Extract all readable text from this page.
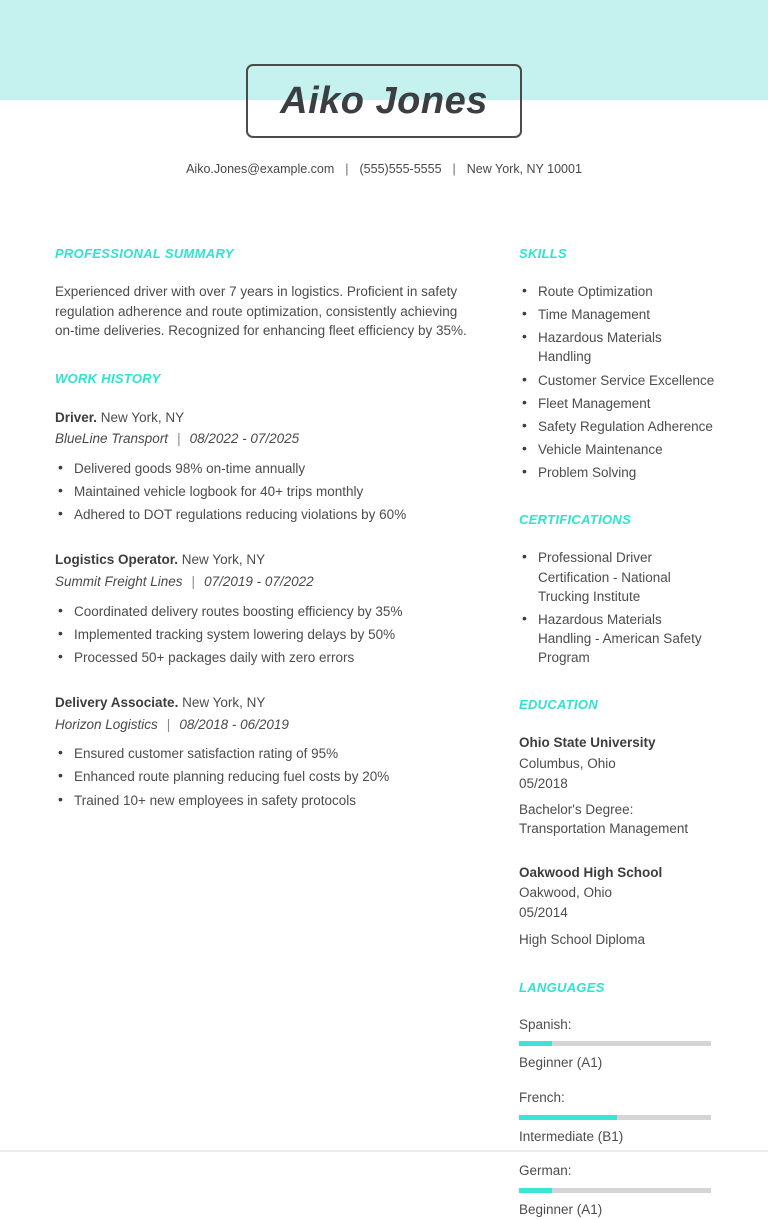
Aiko Jones
Aiko.Jones@example.com | (555)555-5555 | New York, NY 10001
PROFESSIONAL SUMMARY

Experienced driver with over 7 years in logistics. Proficient in safety regulation adherence and route optimization, consistently achieving on-time deliveries. Recognized for enhancing fleet efficiency by 35%.

WORK HISTORY
Driver. New York, NY
BlueLine Transport | 08/2022 - 07/2025
• Delivered goods 98% on-time annually
• Maintained vehicle logbook for 40+ trips monthly
• Adhered to DOT regulations reducing violations by 60%
Logistics Operator. New York, NY
Summit Freight Lines | 07/2019 - 07/2022
• Coordinated delivery routes boosting efficiency by 35%
• Implemented tracking system lowering delays by 50%
• Processed 50+ packages daily with zero errors
Delivery Associate. New York, NY
Horizon Logistics | 08/2018 - 06/2019
• Ensured customer satisfaction rating of 95%
• Enhanced route planning reducing fuel costs by 20%
• Trained 10+ new employees in safety protocols
SKILLS
• Route Optimization
• Time Management
• Hazardous Materials Handling
• Customer Service Excellence
• Fleet Management
• Safety Regulation Adherence
• Vehicle Maintenance
• Problem Solving
CERTIFICATIONS
• Professional Driver Certification - National Trucking Institute
• Hazardous Materials Handling - American Safety Program
EDUCATION
Ohio State University
Columbus, Ohio
05/2018
Bachelor's Degree: Transportation Management
Oakwood High School
Oakwood, Ohio
05/2014
High School Diploma
LANGUAGES
Spanish:
Beginner (A1)
French:
Intermediate (B1)
German:
Beginner (A1)
